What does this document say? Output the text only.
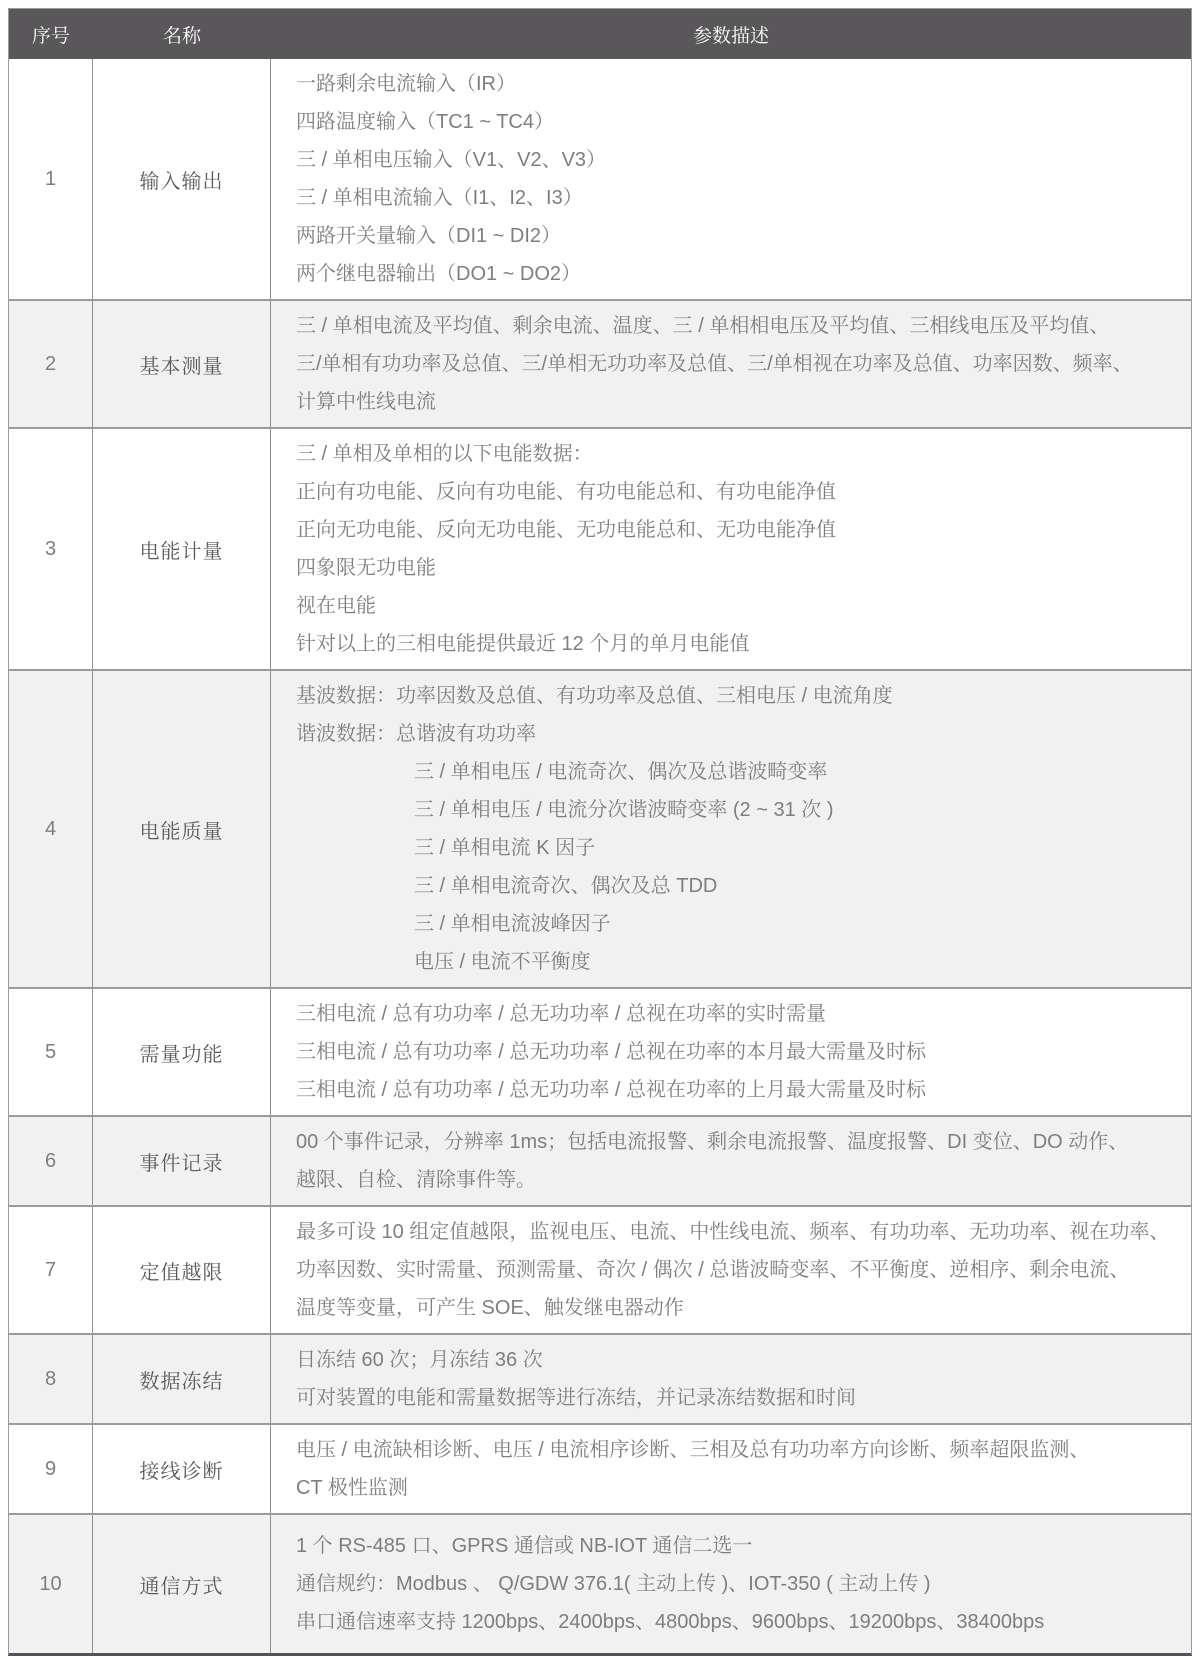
序号	名称	参数描述
1	输入输出
一路剩余电流输入（IR）
四路温度输入（TC1 ~ TC4）
三 / 单相电压输入（V1、V2、V3）
三 / 单相电流输入（I1、I2、I3）
两路开关量输入（DI1 ~ DI2）
两个继电器输出（DO1 ~ DO2）
2	基本测量
三 / 单相电流及平均值、剩余电流、温度、三 / 单相相电压及平均值、三相线电压及平均值、
三/单相有功功率及总值、三/单相无功功率及总值、三/单相视在功率及总值、功率因数、频率、
计算中性线电流
3	电能计量
三 / 单相及单相的以下电能数据：
正向有功电能、反向有功电能、有功电能总和、有功电能净值
正向无功电能、反向无功电能、无功电能总和、无功电能净值
四象限无功电能
视在电能
针对以上的三相电能提供最近 12 个月的单月电能值
4	电能质量
基波数据：功率因数及总值、有功功率及总值、三相电压 / 电流角度
谐波数据：总谐波有功功率
三 / 单相电压 / 电流奇次、偶次及总谐波畸变率
三 / 单相电压 / 电流分次谐波畸变率 (2 ~ 31 次 )
三 / 单相电流 K 因子
三 / 单相电流奇次、偶次及总 TDD
三 / 单相电流波峰因子
电压 / 电流不平衡度
5	需量功能
三相电流 / 总有功功率 / 总无功功率 / 总视在功率的实时需量
三相电流 / 总有功功率 / 总无功功率 / 总视在功率的本月最大需量及时标
三相电流 / 总有功功率 / 总无功功率 / 总视在功率的上月最大需量及时标
6	事件记录
00 个事件记录，分辨率 1ms；包括电流报警、剩余电流报警、温度报警、DI 变位、DO 动作、
越限、自检、清除事件等。
7	定值越限
最多可设 10 组定值越限，监视电压、电流、中性线电流、频率、有功功率、无功功率、视在功率、
功率因数、实时需量、预测需量、奇次 / 偶次 / 总谐波畸变率、不平衡度、逆相序、剩余电流、
温度等变量，可产生 SOE、触发继电器动作
8	数据冻结
日冻结 60 次；月冻结 36 次
可对装置的电能和需量数据等进行冻结，并记录冻结数据和时间
9	接线诊断
电压 / 电流缺相诊断、电压 / 电流相序诊断、三相及总有功功率方向诊断、频率超限监测、
CT 极性监测
10	通信方式
1 个 RS-485 口、GPRS 通信或 NB-IOT 通信二选一
通信规约：Modbus 、 Q/GDW 376.1( 主动上传 )、IOT-350 ( 主动上传 )
串口通信速率支持 1200bps、2400bps、4800bps、9600bps、19200bps、38400bps
